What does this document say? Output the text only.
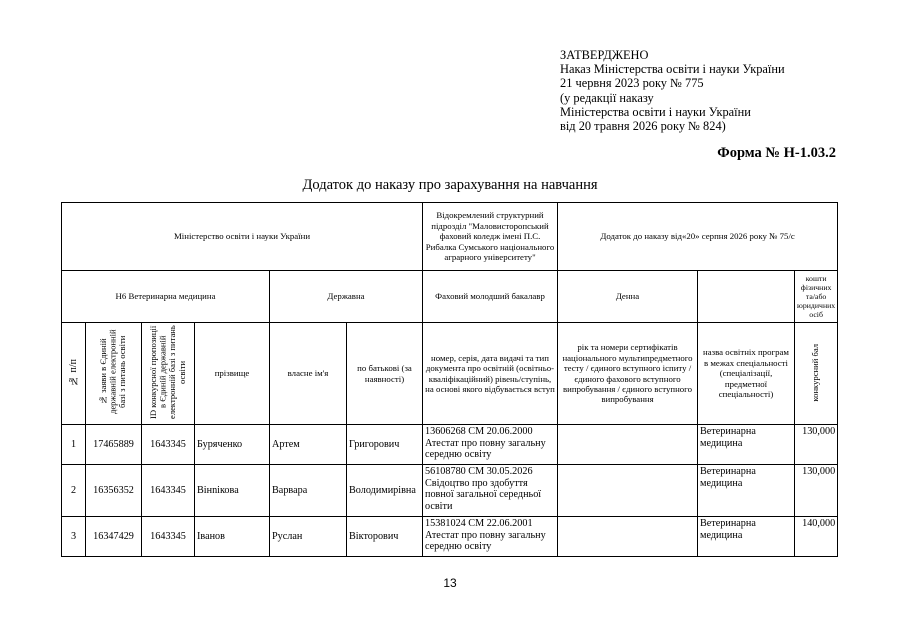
ЗАТВЕРДЖЕНО
Наказ Міністерства освіти і науки України
21 червня 2023 року № 775
(у редакції наказу
Міністерства освіти і науки України
від 20 травня 2026 року № 824)
Форма № Н-1.03.2
Додаток до наказу про зарахування на навчання
Міністерство освіти і науки України						Відокремлений структурний підрозділ "Маловисторопський фаховий коледж імені П.С. Рибалка Сумського національного аграрного університету"	Додаток до наказу від«20» серпня 2026 року № 75/с		
H6 Ветеринарна медицина				Державна		Фаховий молодший бакалавр	Денна		кошти фізичних та/або юридичних осіб
№ п/п	№ заяви в Єдиній державній електронній базі з питань освіти	ID конкурсної пропозиції в Єдиній державній електронній базі з питань освіти	прізвище	власне ім'я	по батькові (за наявності)	номер, серія, дата видачі та тип документа про освітній (освітньо-кваліфікаційний) рівень/ступінь, на основі якого відбувається вступ	рік та номери сертифікатів національного мультипредметного тесту / єдиного вступного іспиту / єдиного фахового вступного випробування / єдиного вступного випробування	назва освітніх програм в межах спеціальності (спеціалізації, предметної спеціальності)	конкурсний бал
1	17465889	1643345	Буряченко	Артем	Григорович	13606268 CM 20.06.2000 Атестат про повну загальну середню освіту		Ветеринарна медицина	130,000
2	16356352	1643345	Вінnікова	Варвара	Володимирівна	56108780 CM 30.05.2026 Свідоцтво про здобуття повної загальної середньої освіти		Ветеринарна медицина	130,000
3	16347429	1643345	Іванов	Руслан	Вікторович	15381024 CM 22.06.2001 Атестат про повну загальну середню освіту		Ветеринарна медицина	140,000
13
